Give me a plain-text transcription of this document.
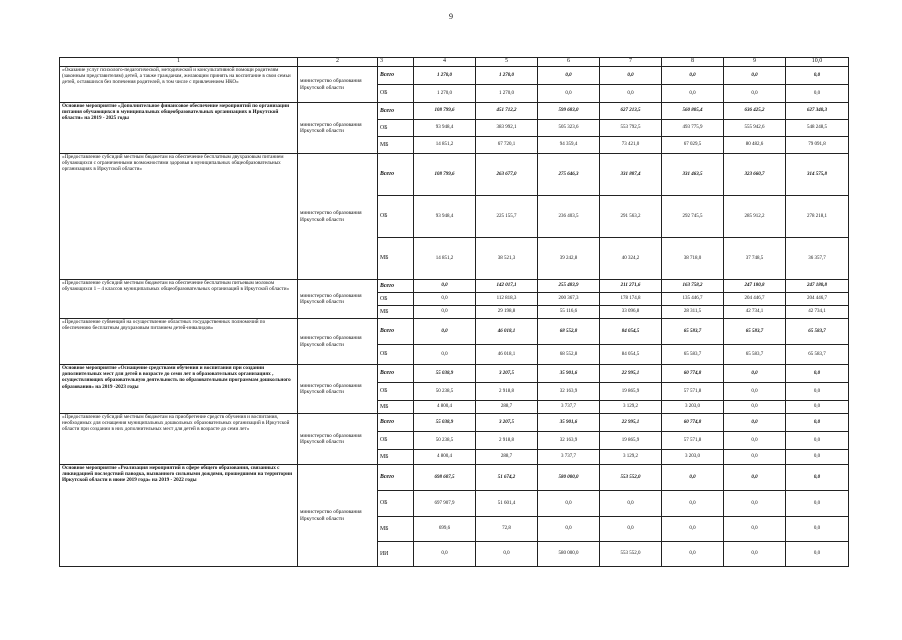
9
1	2	3	4	5	6	7	8	9	10,0
«Оказание услуг психолого-педагогической, методической и консультативной помощи родителям (законным представителям) детей, а также гражданам, желающим принять на воспитание в свои семьи детей, оставшихся без попечения родителей, в том числе с привлечением НКО»	министерство образования Иркутской области	Всего	1 270,0	1 270,0	0,0	0,0	0,0	0,0	0,0
		ОБ	1 270,0	1 270,0	0,0	0,0	0,0	0,0	0,0
Основное мероприятие «Дополнительное финансовое обеспечение мероприятий по организации питания обучающихся в муниципальных общеобразовательных организациях в Иркутской области» на 2019 - 2025 годы	министерство образования Иркутской области	Всего	108 799,6	451 712,2	599 683,0	627 213,5	560 805,4	636 425,2	627 340,3
		ОБ	93 948,4	383 992,1	505 323,6	553 792,5	493 775,9	555 942,6	548 248,5
		МБ	14 851,2	67 720,1	94 359,4	73 421,0	67 029,5	80 482,6	79 091,8
«Предоставление субсидий местным бюджетам на обеспечение бесплатным двухразовым питанием обучающихся с ограниченными возможностями здоровья в муниципальных общеобразовательных организациях в Иркутской области»	министерство образования Иркутской области	Всего	108 799,6	263 677,0	275 646,3	331 887,4	331 463,5	323 660,7	314 575,8
		ОБ	93 948,4	225 155,7	236 403,5	291 563,2	292 745,5	285 912,2	278 218,1
		МБ	14 851,2	38 521,3	39 242,8	40 324,2	38 718,0	37 748,5	36 357,7
«Предоставление субсидий местным бюджетам на обеспечение бесплатным питьевым молоком обучающихся 1 – 4 классов муниципальных общеобразовательных организаций в Иркутской области»	министерство образования Иркутской области	Всего	0,0	142 017,1	255 483,9	211 271,6	163 758,2	247 180,8	247 180,8
		ОБ	0,0	112 818,3	200 367,3	178 174,8	135 446,7	204 446,7	204 446,7
		МБ	0,0	29 198,8	55 116,6	33 096,8	28 311,5	42 734,1	42 734,1
«Предоставление субвенций на осуществление областных государственных полномочий по обеспечению бесплатным двухразовым питанием детей-инвалидов»	министерство образования Иркутской области	Всего	0,0	46 018,1	68 552,8	84 054,5	65 583,7	65 583,7	65 583,7
		ОБ	0,0	46 018,1	68 552,8	84 054,5	65 583,7	65 583,7	65 583,7
Основное мероприятие «Оснащение средствами обучения и воспитания при создании дополнительных мест для детей в возрасте до семи лет в образовательных организациях , осуществляющих образовательную деятельность по образовательным программам дошкольного образования» на 2019 -2023 годы	министерство образования Иркутской области	Всего	55 038,9	3 207,5	35 901,6	22 995,1	60 774,8	0,0	0,0
		ОБ	50 238,5	2 918,8	32 163,9	19 865,9	57 571,8	0,0	0,0
		МБ	4 800,4	288,7	3 737,7	3 129,2	3 203,0	0,0	0,0
«Предоставление субсидий местным бюджетам на приобретение средств обучения и воспитания, необходимых для оснащения муниципальных дошкольных образовательных организаций в Иркутской области при создании в них дополнительных мест для детей в возрасте до семи лет»	министерство образования Иркутской области	Всего	55 038,9	3 207,5	35 901,6	22 995,1	60 774,8	0,0	0,0
		ОБ	50 238,5	2 918,8	32 163,9	19 865,9	57 571,8	0,0	0,0
		МБ	4 800,4	288,7	3 737,7	3 129,2	3 203,0	0,0	0,0
Основное мероприятие «Реализация мероприятий в сфере общего образования, связанных с ликвидацией последствий паводка, вызванного сильными дождями, прошедшими на территории Иркутской области в июне 2019 года» на 2019 - 2022 годы	министерство образования Иркутской области	Всего	698 607,5	51 674,2	580 000,0	553 552,0	0,0	0,0	0,0
		ОБ	697 907,9	51 601,4	0,0	0,0	0,0	0,0	0,0
		МБ	699,6	72,8	0,0	0,0	0,0	0,0	0,0
		ИИ	0,0	0,0	580 000,0	553 552,0	0,0	0,0	0,0
